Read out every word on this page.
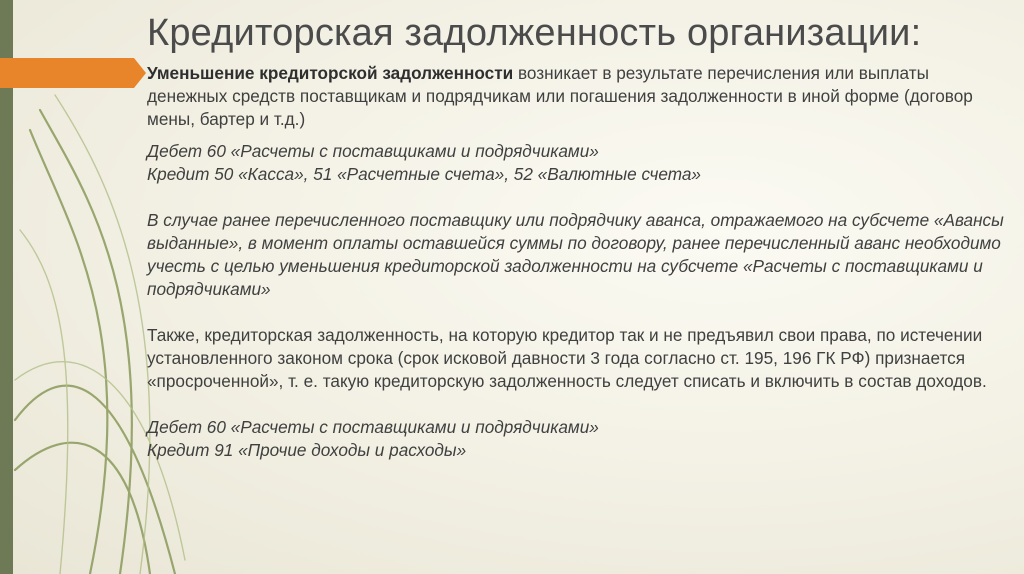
Кредиторская задолженность организации:

Уменьшение кредиторской задолженности возникает в результате перечисления или выплаты денежных средств поставщикам и подрядчикам или погашения задолженности в иной форме (договор мены, бартер и т.д.)

Дебет 60 «Расчеты с поставщиками и подрядчиками»
Кредит 50 «Касса», 51 «Расчетные счета», 52 «Валютные счета»

В случае ранее перечисленного поставщику или подрядчику аванса, отражаемого на субсчете «Авансы выданные», в момент оплаты оставшейся суммы по договору, ранее перечисленный аванс необходимо учесть с целью уменьшения кредиторской задолженности на субсчете «Расчеты с поставщиками и подрядчиками»

Также, кредиторская задолженность, на которую кредитор так и не предъявил свои права, по истечении установленного законом срока (срок исковой давности 3 года согласно ст. 195, 196 ГК РФ) признается «просроченной», т. е. такую кредиторскую задолженность следует списать и включить в состав доходов.

Дебет 60 «Расчеты с поставщиками и подрядчиками»
Кредит 91 «Прочие доходы и расходы»
